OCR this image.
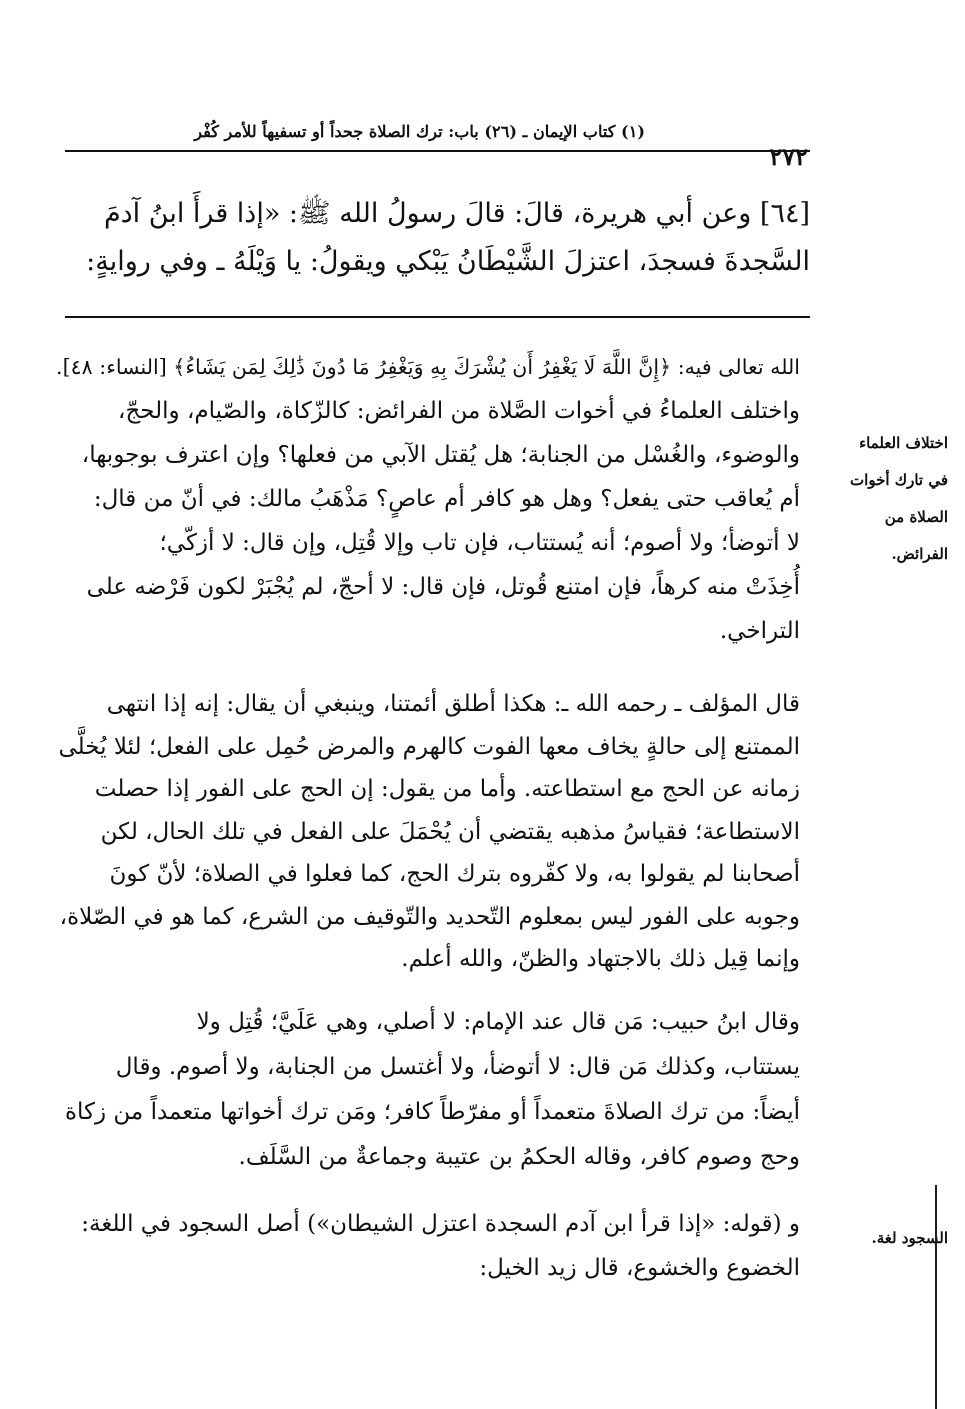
(١) كتاب الإيمان ـ (٢٦) باب: ترك الصلاة جحداً أو تسفيهاً للأمر كُفْر
٢٧٢
[٦٤] وعن أبي هريرة، قالَ: قالَ رسولُ الله ﷺ: «إذا قرأَ ابنُ آدمَ
السَّجدةَ فسجدَ، اعتزلَ الشَّيْطَانُ يَبْكي ويقولُ: يا وَيْلَهُ ـ وفي روايةٍ:
الله تعالى فيه: ﴿إِنَّ اللَّهَ لَا يَغْفِرُ أَن يُشْرَكَ بِهِ وَيَغْفِرُ مَا دُونَ ذَٰلِكَ لِمَن يَشَاءُ﴾ [النساء: ٤٨].
واختلف العلماءُ في أخوات الصَّلاة من الفرائض: كالزّكاة، والصّيام، والحجّ،
والوضوء، والغُسْل من الجنابة؛ هل يُقتل الآبي من فعلها؟ وإن اعترف بوجوبها،
أم يُعاقب حتى يفعل؟ وهل هو كافر أم عاصٍ؟ مَذْهَبُ مالك: في أنّ من قال:
لا أتوضأ؛ ولا أصوم؛ أنه يُستتاب، فإن تاب وإلا قُتِل، وإن قال: لا أزكّي؛
أُخِذَتْ منه كرهاً، فإن امتنع قُوتل، فإن قال: لا أحجّ، لم يُجْبَرْ لكون فَرْضه على
التراخي.
اختلاف العلماء
في تارك أخوات
الصلاة من
الفرائض.
قال المؤلف ـ رحمه الله ـ: هكذا أطلق أئمتنا، وينبغي أن يقال: إنه إذا انتهى
الممتنع إلى حالةٍ يخاف معها الفوت كالهرم والمرض حُمِل على الفعل؛ لئلا يُخلَّى
زمانه عن الحج مع استطاعته. وأما من يقول: إن الحج على الفور إذا حصلت
الاستطاعة؛ فقياسُ مذهبه يقتضي أن يُحْمَلَ على الفعل في تلك الحال، لكن
أصحابنا لم يقولوا به، ولا كفّروه بترك الحج، كما فعلوا في الصلاة؛ لأنّ كونَ
وجوبه على الفور ليس بمعلوم التّحديد والتّوقيف من الشرع، كما هو في الصّلاة،
وإنما قِيل ذلك بالاجتهاد والظنّ، والله أعلم.
وقال ابنُ حبيب: مَن قال عند الإمام: لا أصلي، وهي عَلَيَّ؛ قُتِل ولا
يستتاب، وكذلك مَن قال: لا أتوضأ، ولا أغتسل من الجنابة، ولا أصوم. وقال
أيضاً: من ترك الصلاةَ متعمداً أو مفرّطاً كافر؛ ومَن ترك أخواتها متعمداً من زكاة
وحج وصوم كافر، وقاله الحكمُ بن عتيبة وجماعةٌ من السَّلَف.
و (قوله: «إذا قرأ ابن آدم السجدة اعتزل الشيطان») أصل السجود في اللغة:
الخضوع والخشوع، قال زيد الخيل:
السجود لغة.
